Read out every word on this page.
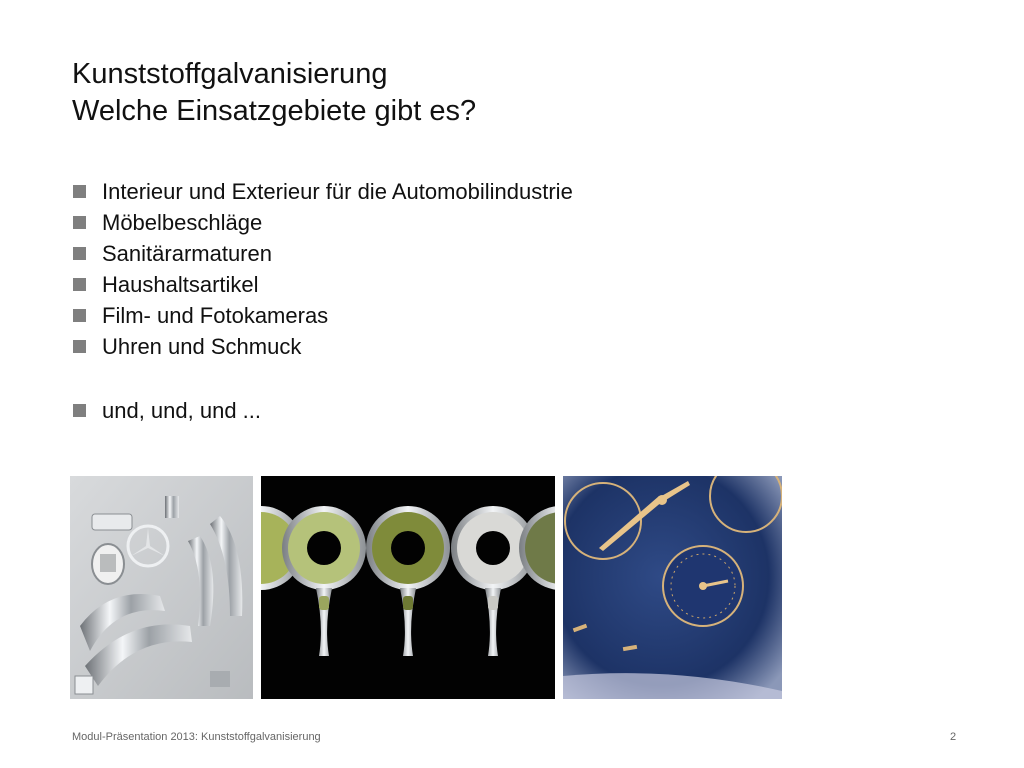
Kunststoffgalvanisierung
Welche Einsatzgebiete gibt es?
Interieur und Exterieur für die Automobilindustrie
Möbelbeschläge
Sanitärarmaturen
Haushaltsartikel
Film- und Fotokameras
Uhren und Schmuck
und, und, und ...
Modul-Präsentation 2013: Kunststoffgalvanisierung	2
